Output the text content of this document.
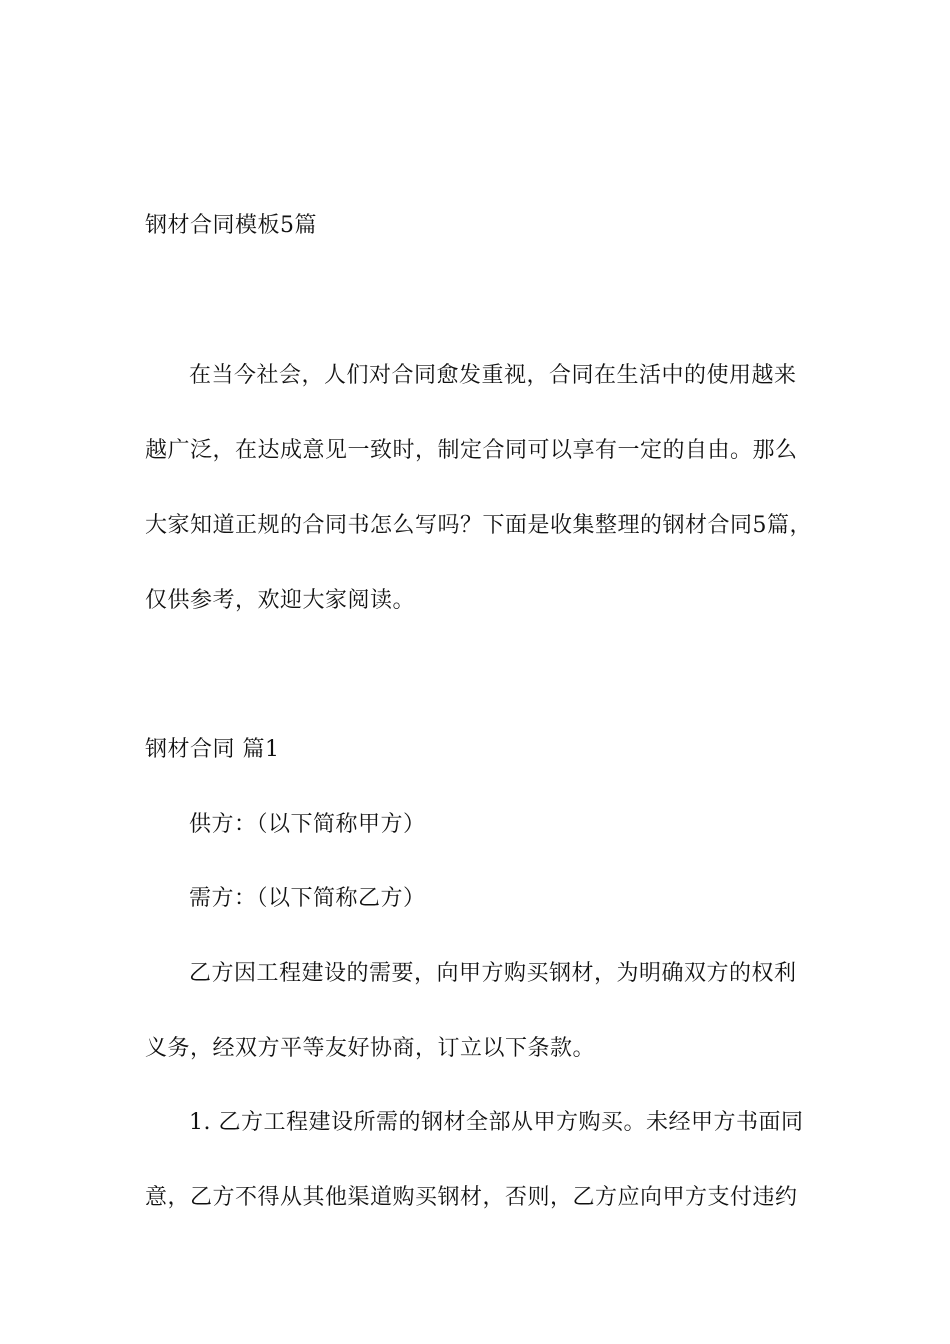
钢材合同模板5篇
在当今社会，人们对合同愈发重视，合同在生活中的使用越来
越广泛，在达成意见一致时，制定合同可以享有一定的自由。那么
大家知道正规的合同书怎么写吗？下面是收集整理的钢材合同5篇，
仅供参考，欢迎大家阅读。
钢材合同 篇1
供方：（以下简称甲方）
需方：（以下简称乙方）
乙方因工程建设的需要，向甲方购买钢材，为明确双方的权利
义务，经双方平等友好协商，订立以下条款。
1. 乙方工程建设所需的钢材全部从甲方购买。未经甲方书面同
意，乙方不得从其他渠道购买钢材，否则，乙方应向甲方支付违约
